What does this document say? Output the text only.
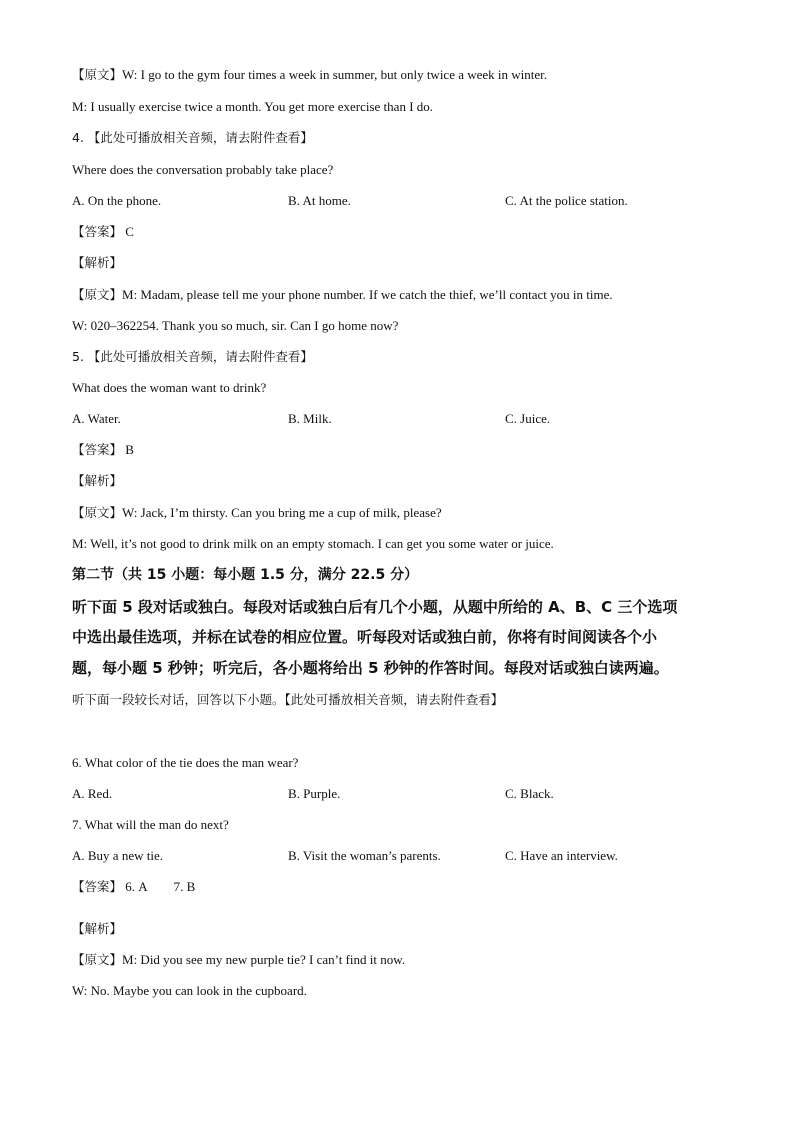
【原文】W: I go to the gym four times a week in summer, but only twice a week in winter.
M: I usually exercise twice a month. You get more exercise than I do.
4. 【此处可播放相关音频，请去附件查看】
Where does the conversation probably take place?
A. On the phone.	B. At home.	C. At the police station.
【答案】 C
【解析】
【原文】M: Madam, please tell me your phone number. If we catch the thief, we’ll contact you in time.
W: 020–362254. Thank you so much, sir. Can I go home now?
5. 【此处可播放相关音频，请去附件查看】
What does the woman want to drink?
A. Water.	B. Milk.	C. Juice.
【答案】 B
【解析】
【原文】W: Jack, I’m thirsty. Can you bring me a cup of milk, please?
M: Well, it’s not good to drink milk on an empty stomach. I can get you some water or juice.
第二节（共 15 小题：每小题 1.5 分，满分 22.5 分）
听下面 5 段对话或独白。每段对话或独白后有几个小题，从题中所给的 A、B、C 三个选项
中选出最佳选项，并标在试卷的相应位置。听每段对话或独白前，你将有时间阅读各个小
题，每小题 5 秒钟；听完后，各小题将给出 5 秒钟的作答时间。每段对话或独白读两遍。
听下面一段较长对话，回答以下小题。【此处可播放相关音频，请去附件查看】
6. What color of the tie does the man wear?
A. Red.	B. Purple.	C. Black.
7. What will the man do next?
A. Buy a new tie.	B. Visit the woman’s parents.	C. Have an interview.
【答案】 6. A 7. B
【解析】
【原文】M: Did you see my new purple tie? I can’t find it now.
W: No. Maybe you can look in the cupboard.
